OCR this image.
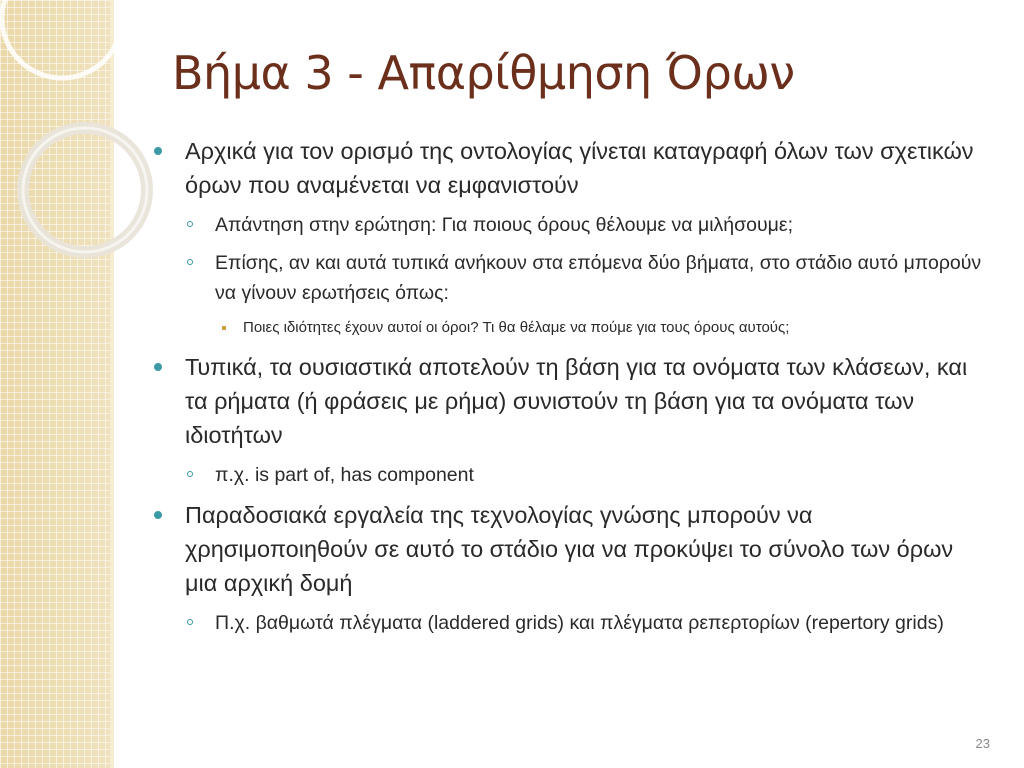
Βήμα 3 - Απαρίθμηση Όρων
Αρχικά για τον ορισμό της οντολογίας γίνεται καταγραφή όλων των σχετικών όρων που αναμένεται να εμφανιστούν
Απάντηση στην ερώτηση: Για ποιους όρους θέλουμε να μιλήσουμε;
Επίσης, αν και αυτά τυπικά ανήκουν στα επόμενα δύο βήματα, στο στάδιο αυτό μπορούν να γίνουν ερωτήσεις όπως:
Ποιες ιδιότητες έχουν αυτοί οι όροι? Τι θα θέλαμε να πούμε για τους όρους αυτούς;
Τυπικά, τα ουσιαστικά αποτελούν τη βάση για τα ονόματα των κλάσεων, και τα ρήματα (ή φράσεις με ρήμα) συνιστούν τη βάση για τα ονόματα των ιδιοτήτων
π.χ. is part of, has component
Παραδοσιακά εργαλεία της τεχνολογίας γνώσης μπορούν να χρησιμοποιηθούν σε αυτό το στάδιο για να προκύψει το σύνολο των όρων μια αρχική δομή
Π.χ. βαθμωτά πλέγματα (laddered grids) και πλέγματα ρεπερτορίων (repertory grids)
23
